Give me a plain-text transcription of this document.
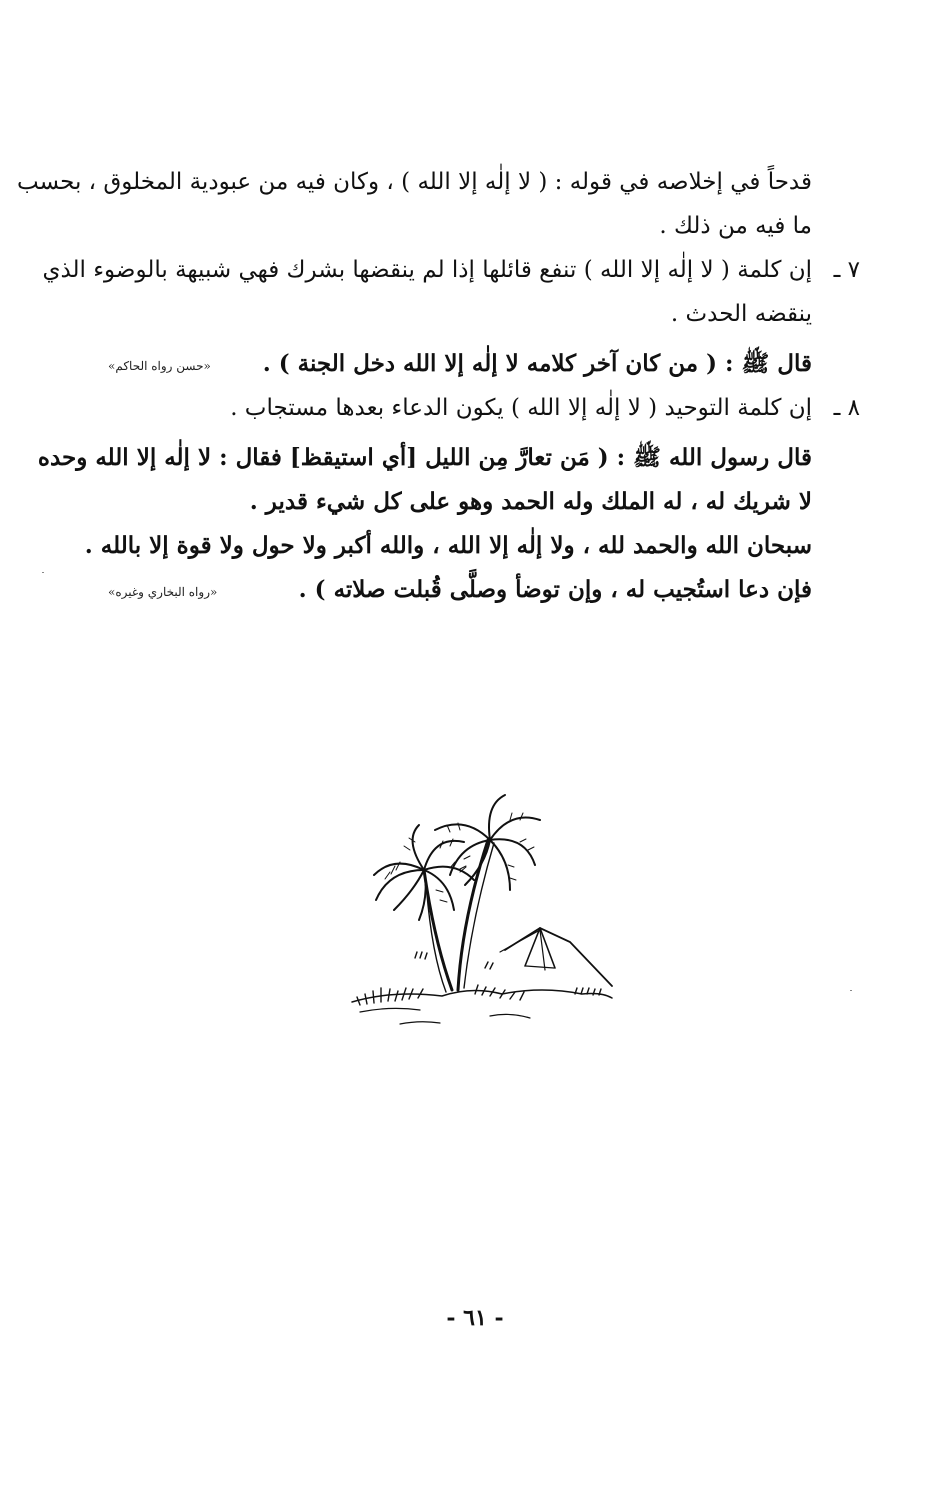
قدحاً في إخلاصه في قوله : ( لا إلٰه إلا الله ) ، وكان فيه من عبودية المخلوق ، بحسب
ما فيه من ذلك .
٧ ـ
إن كلمة ( لا إلٰه إلا الله ) تنفع قائلها إذا لم ينقضها بشرك فهي شبيهة بالوضوء الذي
ينقضه الحدث .
قال ﷺ : ( من كان آخر كلامه لا إلٰه إلا الله دخل الجنة ) .
«حسن رواه الحاكم»
٨ ـ
إن كلمة التوحيد ( لا إلٰه إلا الله ) يكون الدعاء بعدها مستجاب .
قال رسول الله ﷺ : ( مَن تعارَّ مِن الليل [أي استيقظ] فقال : لا إلٰه إلا الله وحده
لا شريك له ، له الملك وله الحمد وهو على كل شيء قدير .
سبحان الله والحمد لله ، ولا إلٰه إلا الله ، والله أكبر ولا حول ولا قوة إلا بالله .
فإن دعا استُجيب له ، وإن توضأ وصلَّى قُبلت صلاته ) .
«رواه البخاري وغيره»
- ٦١ -
